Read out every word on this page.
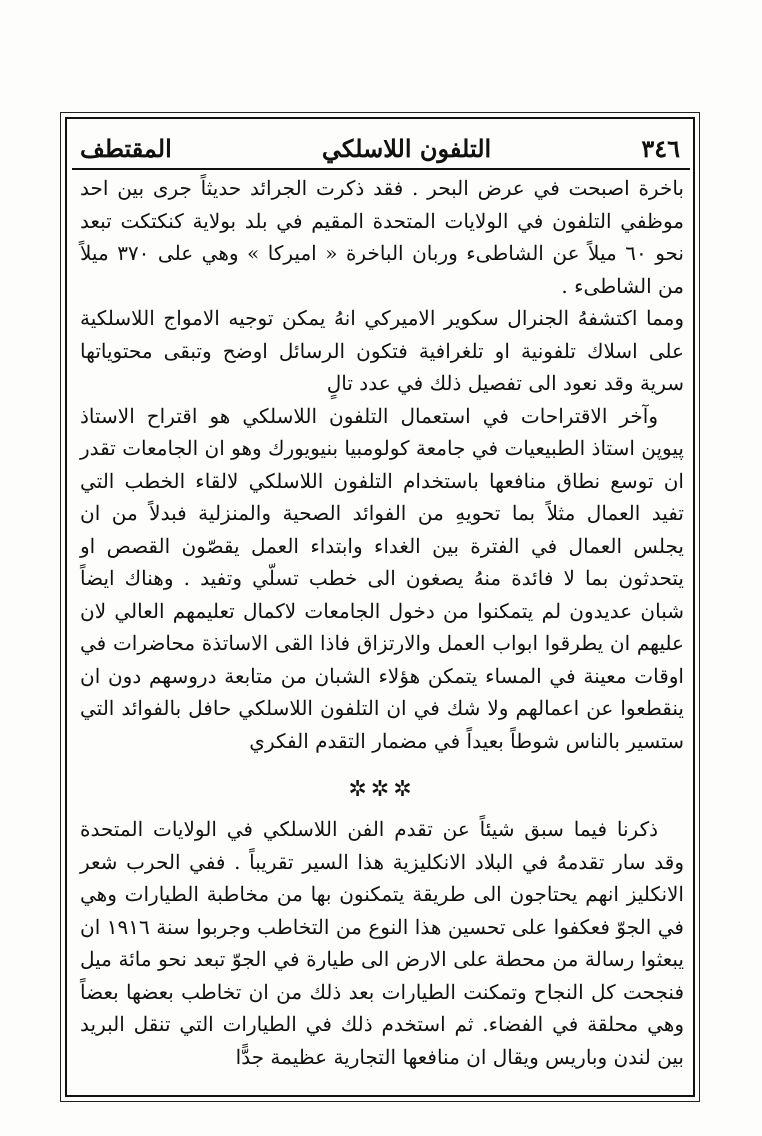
٣٤٦
التلفون اللاسلكي
المقتطف

باخرة اصبحت في عرض البحر . فقد ذكرت الجرائد حديثاً جرى بين احد موظفي التلفون في الولايات المتحدة المقيم في بلد بولاية كنكتكت تبعد نحو ٦٠ ميلاً عن الشاطىء وربان الباخرة « اميركا » وهي على ٣٧٠ ميلاً من الشاطىء .

ومما اكتشفهُ الجنرال سكوير الاميركي انهُ يمكن توجيه الامواج اللاسلكية على اسلاك تلفونية او تلغرافية فتكون الرسائل اوضح وتبقى محتوياتها سرية وقد نعود الى تفصيل ذلك في عدد تالٍ

وآخر الاقتراحات في استعمال التلفون اللاسلكي هو اقتراح الاستاذ پيوپن استاذ الطبيعيات في جامعة كولومبيا بنيويورك وهو ان الجامعات تقدر ان توسع نطاق منافعها باستخدام التلفون اللاسلكي لالقاء الخطب التي تفيد العمال مثلاً بما تحويهِ من الفوائد الصحية والمنزلية فبدلاً من ان يجلس العمال في الفترة بين الغداء وابتداء العمل يقصّون القصص او يتحدثون بما لا فائدة منهُ يصغون الى خطب تسلّي وتفيد . وهناك ايضاً شبان عديدون لم يتمكنوا من دخول الجامعات لاكمال تعليمهم العالي لان عليهم ان يطرقوا ابواب العمل والارتزاق فاذا القى الاساتذة محاضرات في اوقات معينة في المساء يتمكن هؤلاء الشبان من متابعة دروسهم دون ان ينقطعوا عن اعمالهم ولا شك في ان التلفون اللاسلكي حافل بالفوائد التي ستسير بالناس شوطاً بعيداً في مضمار التقدم الفكري

✲✲✲

ذكرنا فيما سبق شيئاً عن تقدم الفن اللاسلكي في الولايات المتحدة وقد سار تقدمهُ في البلاد الانكليزية هذا السير تقريباً . ففي الحرب شعر الانكليز انهم يحتاجون الى طريقة يتمكنون بها من مخاطبة الطيارات وهي في الجوّ فعكفوا على تحسين هذا النوع من التخاطب وجربوا سنة ١٩١٦ ان يبعثوا رسالة من محطة على الارض الى طيارة في الجوّ تبعد نحو مائة ميل فنجحت كل النجاح وتمكنت الطيارات بعد ذلك من ان تخاطب بعضها بعضاً وهي محلقة في الفضاء. ثم استخدم ذلك في الطيارات التي تنقل البريد بين لندن وباريس ويقال ان منافعها التجارية عظيمة جدًّا
